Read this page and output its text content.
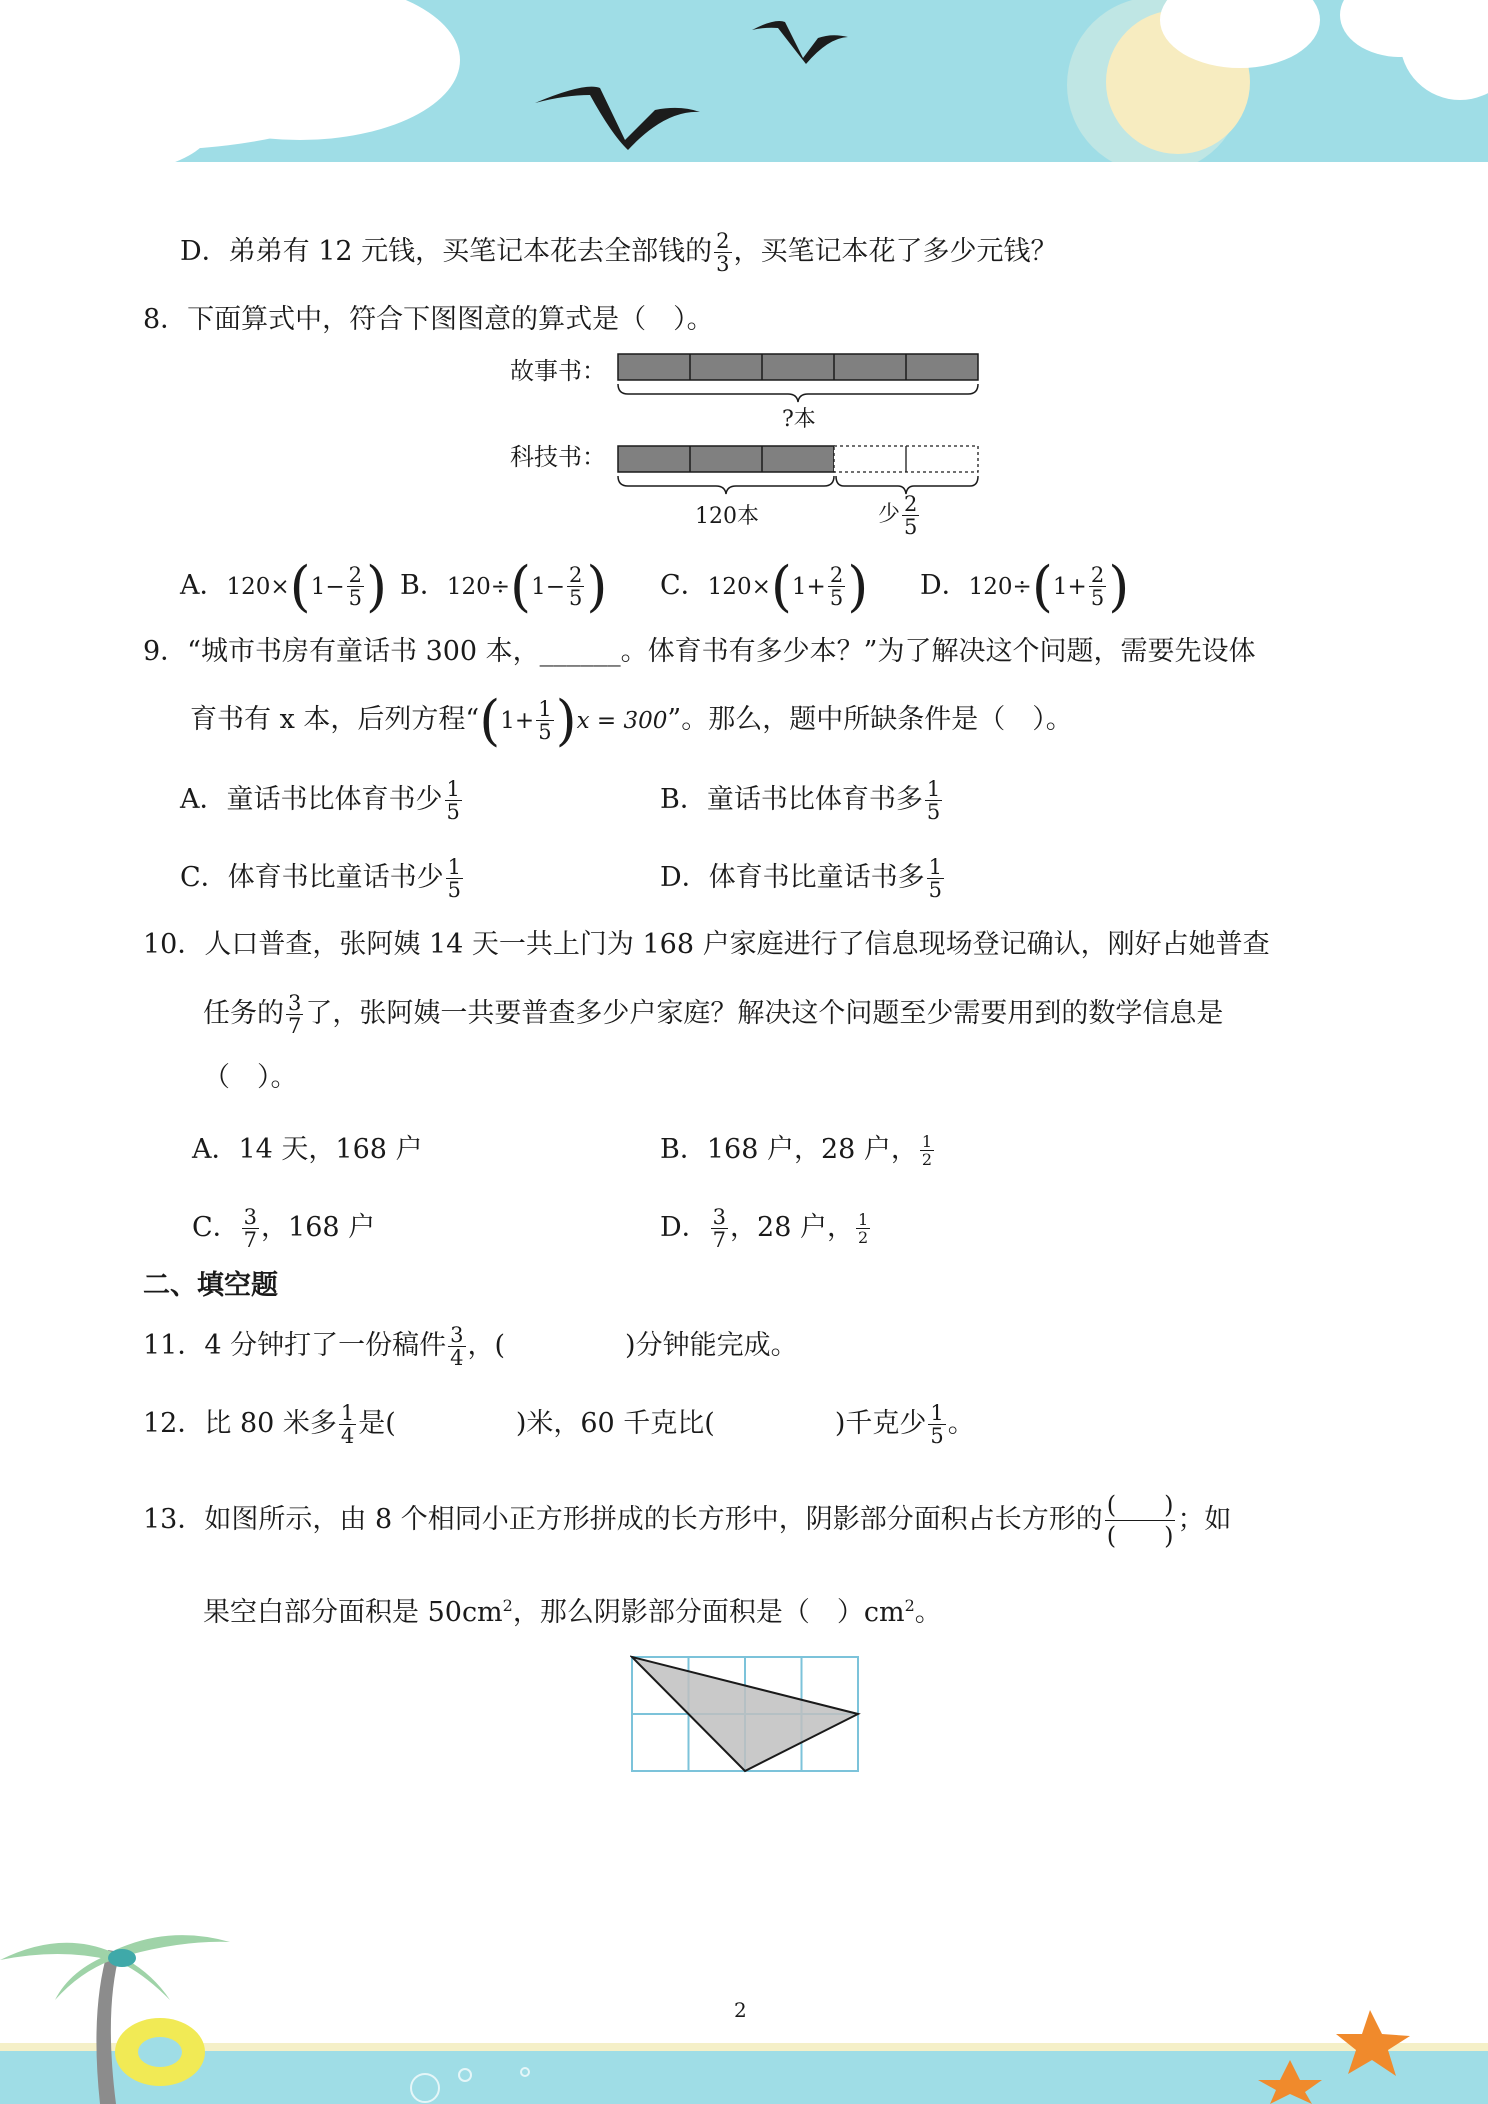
D．弟弟有 12 元钱，买笔记本花去全部钱的 $\frac{2}{3}$ ，买笔记本花了多少元钱？
8．下面算式中，符合下图图意的算式是（　）。
故事书：
科技书：
?本
120本	少 $\frac{2}{5}$
A． 120× ( $1- \frac{2}{5}$ ) B． 120÷ ( $1- \frac{2}{5}$ ) C． 120× ( $1+ \frac{2}{5}$ ) D． 120÷ ( $1+ \frac{2}{5}$ )
9．“城市书房有童话书 300 本，______。体育书有多少本？”为了解决这个问题，需要先设体
育书有 x 本，后列方程“ ( $1+ \frac{1}{5}$ ) x = 300 ”。那么，题中所缺条件是（　）。
A．童话书比体育书少 $\frac{1}{5}$	B．童话书比体育书多 $\frac{1}{5}$
C．体育书比童话书少 $\frac{1}{5}$	D．体育书比童话书多 $\frac{1}{5}$
10．人口普查，张阿姨 14 天一共上门为 168 户家庭进行了信息现场登记确认，刚好占她普查
任务的 $\frac{3}{7}$ 了，张阿姨一共要普查多少户家庭？解决这个问题至少需要用到的数学信息是
（　）。
A．14 天，168 户	B．168 户，28 户， $\frac{1}{2}$
C． $\frac{3}{7}$ ，168 户	D． $\frac{3}{7}$ ，28 户， $\frac{1}{2}$
二、填空题
11．4 分钟打了一份稿件 $\frac{3}{4}$ ，(	)分钟能完成。
12．比 80 米多 $\frac{1}{4}$ 是(	)米，60 千克比(	)千克少 $\frac{1}{5}$ 。
13．如图所示，由 8 个相同小正方形拼成的长方形中，阴影部分面积占长方形的 $\frac{( )}{( )}$ ；如
果空白部分面积是 $50cm^2$，那么阴影部分面积是（　）$cm^2$。
2
